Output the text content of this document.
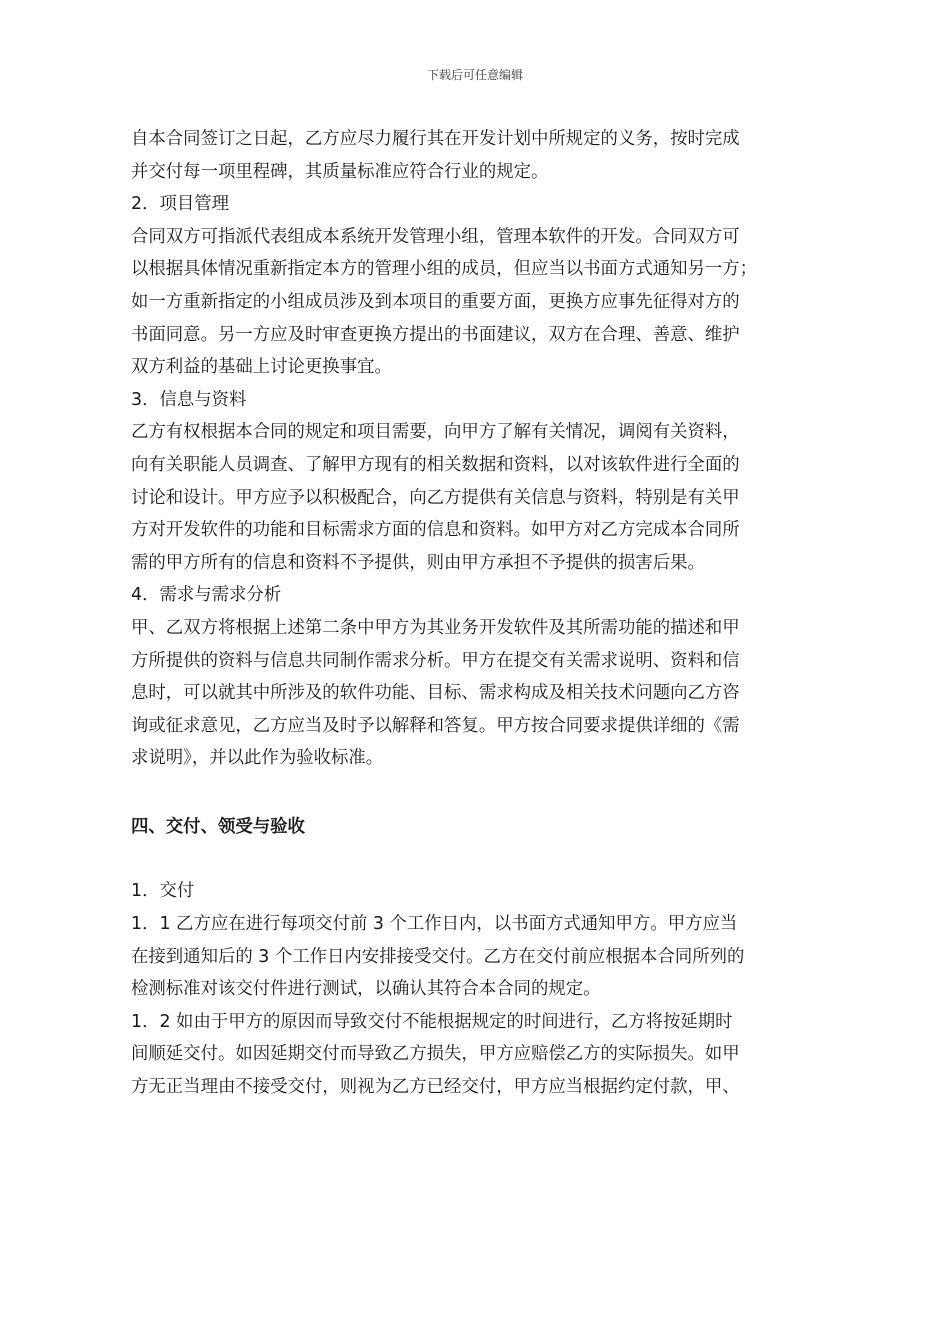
下载后可任意编辑
自本合同签订之日起，乙方应尽力履行其在开发计划中所规定的义务，按时完成
并交付每一项里程碑，其质量标准应符合行业的规定。
2．项目管理
合同双方可指派代表组成本系统开发管理小组，管理本软件的开发。合同双方可
以根据具体情况重新指定本方的管理小组的成员，但应当以书面方式通知另一方；
如一方重新指定的小组成员涉及到本项目的重要方面，更换方应事先征得对方的
书面同意。另一方应及时审查更换方提出的书面建议，双方在合理、善意、维护
双方利益的基础上讨论更换事宜。
3．信息与资料
乙方有权根据本合同的规定和项目需要，向甲方了解有关情况，调阅有关资料，
向有关职能人员调查、了解甲方现有的相关数据和资料，以对该软件进行全面的
讨论和设计。甲方应予以积极配合，向乙方提供有关信息与资料，特别是有关甲
方对开发软件的功能和目标需求方面的信息和资料。如甲方对乙方完成本合同所
需的甲方所有的信息和资料不予提供，则由甲方承担不予提供的损害后果。
4．需求与需求分析
甲、乙双方将根据上述第二条中甲方为其业务开发软件及其所需功能的描述和甲
方所提供的资料与信息共同制作需求分析。甲方在提交有关需求说明、资料和信
息时，可以就其中所涉及的软件功能、目标、需求构成及相关技术问题向乙方咨
询或征求意见，乙方应当及时予以解释和答复。甲方按合同要求提供详细的《需
求说明》，并以此作为验收标准。
四、交付、领受与验收
1．交付
1．1 乙方应在进行每项交付前 3 个工作日内，以书面方式通知甲方。甲方应当
在接到通知后的 3 个工作日内安排接受交付。乙方在交付前应根据本合同所列的
检测标准对该交付件进行测试，以确认其符合本合同的规定。
1．2 如由于甲方的原因而导致交付不能根据规定的时间进行，乙方将按延期时
间顺延交付。如因延期交付而导致乙方损失，甲方应赔偿乙方的实际损失。如甲
方无正当理由不接受交付，则视为乙方已经交付，甲方应当根据约定付款，甲、
